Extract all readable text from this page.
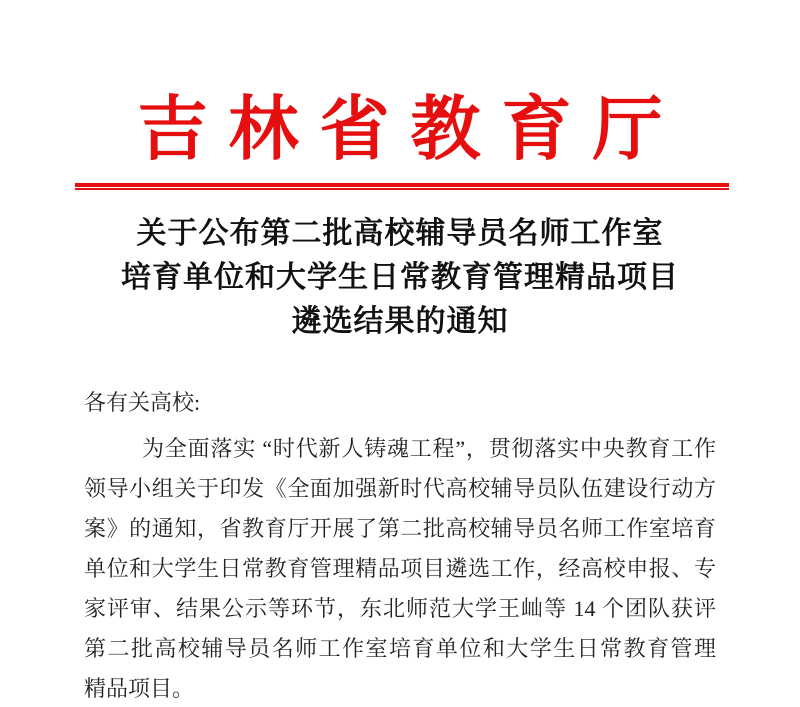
吉林省教育厅
关于公布第二批高校辅导员名师工作室
培育单位和大学生日常教育管理精品项目
遴选结果的通知
各有关高校:
为全面落实 “时代新人铸魂工程”，贯彻落实中央教育工作
领导小组关于印发《全面加强新时代高校辅导员队伍建设行动方
案》的通知，省教育厅开展了第二批高校辅导员名师工作室培育
单位和大学生日常教育管理精品项目遴选工作，经高校申报、专
家评审、结果公示等环节，东北师范大学王屾等 14 个团队获评
第二批高校辅导员名师工作室培育单位和大学生日常教育管理
精品项目。
